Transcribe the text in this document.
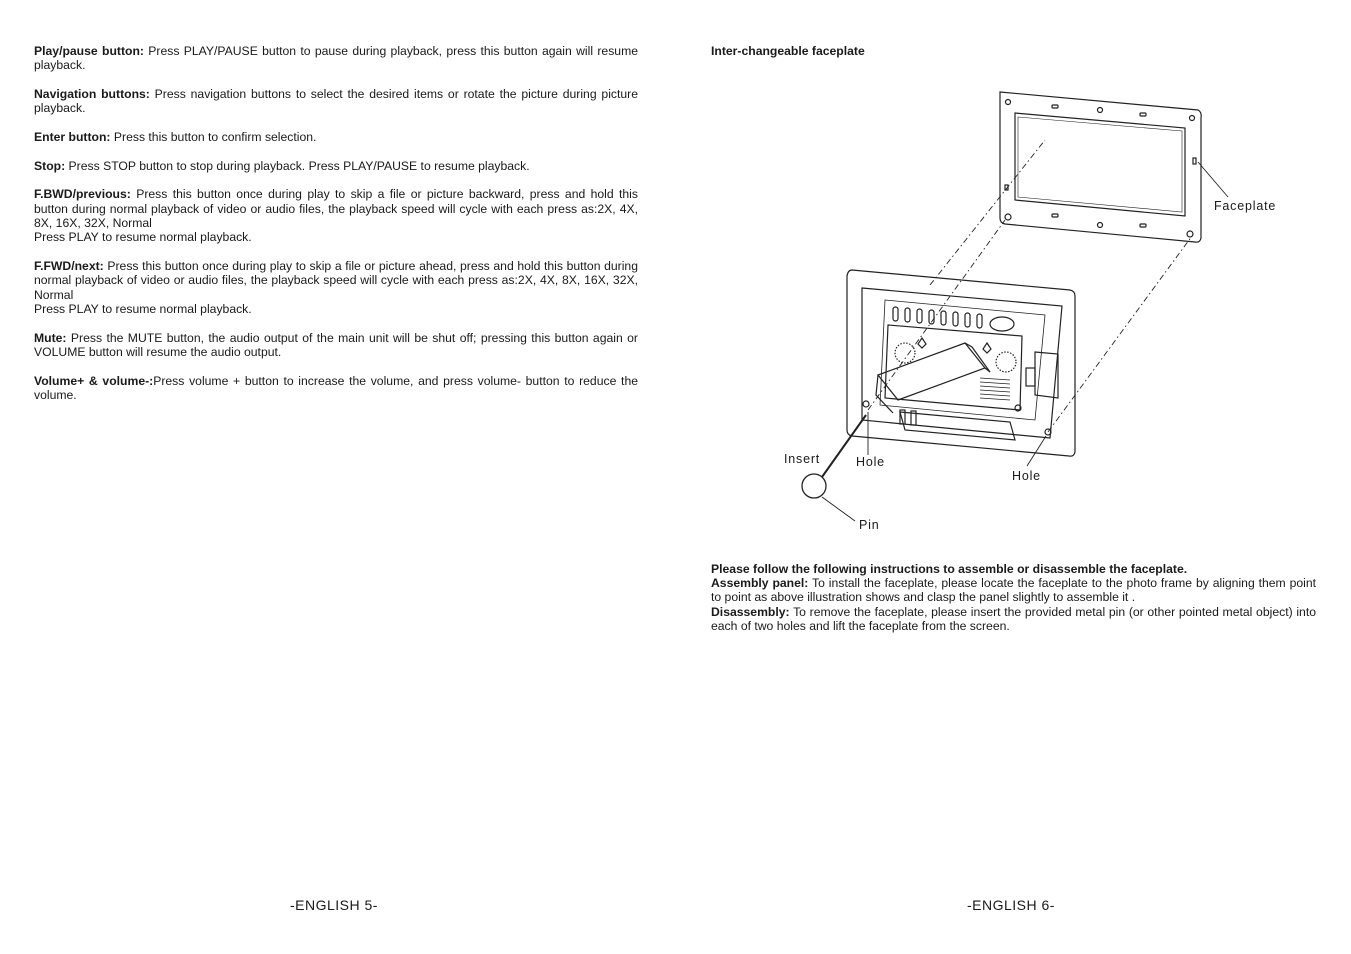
Play/pause button: Press PLAY/PAUSE button to pause during playback, press this button again will resume playback.

Navigation buttons: Press navigation buttons to select the desired items or rotate the picture during picture playback.

Enter button: Press this button to confirm selection.

Stop: Press STOP button to stop during playback. Press PLAY/PAUSE to resume playback.

F.BWD/previous: Press this button once during play to skip a file or picture backward, press and hold this button during normal playback of video or audio files, the playback speed will cycle with each press as:2X, 4X, 8X, 16X, 32X, Normal
Press PLAY to resume normal playback.

F.FWD/next: Press this button once during play to skip a file or picture ahead, press and hold this button during normal playback of video or audio files, the playback speed will cycle with each press as:2X, 4X, 8X, 16X, 32X, Normal
Press PLAY to resume normal playback.

Mute: Press the MUTE button, the audio output of the main unit will be shut off; pressing this button again or VOLUME button will resume the audio output.

Volume+ & volume-:Press volume + button to increase the volume, and press volume- button to reduce the volume.

-ENGLISH 5-

Inter-changeable faceplate

Faceplate
Insert	Hole
Hole
Pin

Please follow the following instructions to assemble or disassemble the faceplate.

Assembly panel: To install the faceplate, please locate the faceplate to the photo frame by aligning them point to point as above illustration shows and clasp the panel slightly to assemble it .

Disassembly: To remove the faceplate, please insert the provided metal pin (or other pointed metal object) into each of two holes and lift the faceplate from the screen.

-ENGLISH 6-
